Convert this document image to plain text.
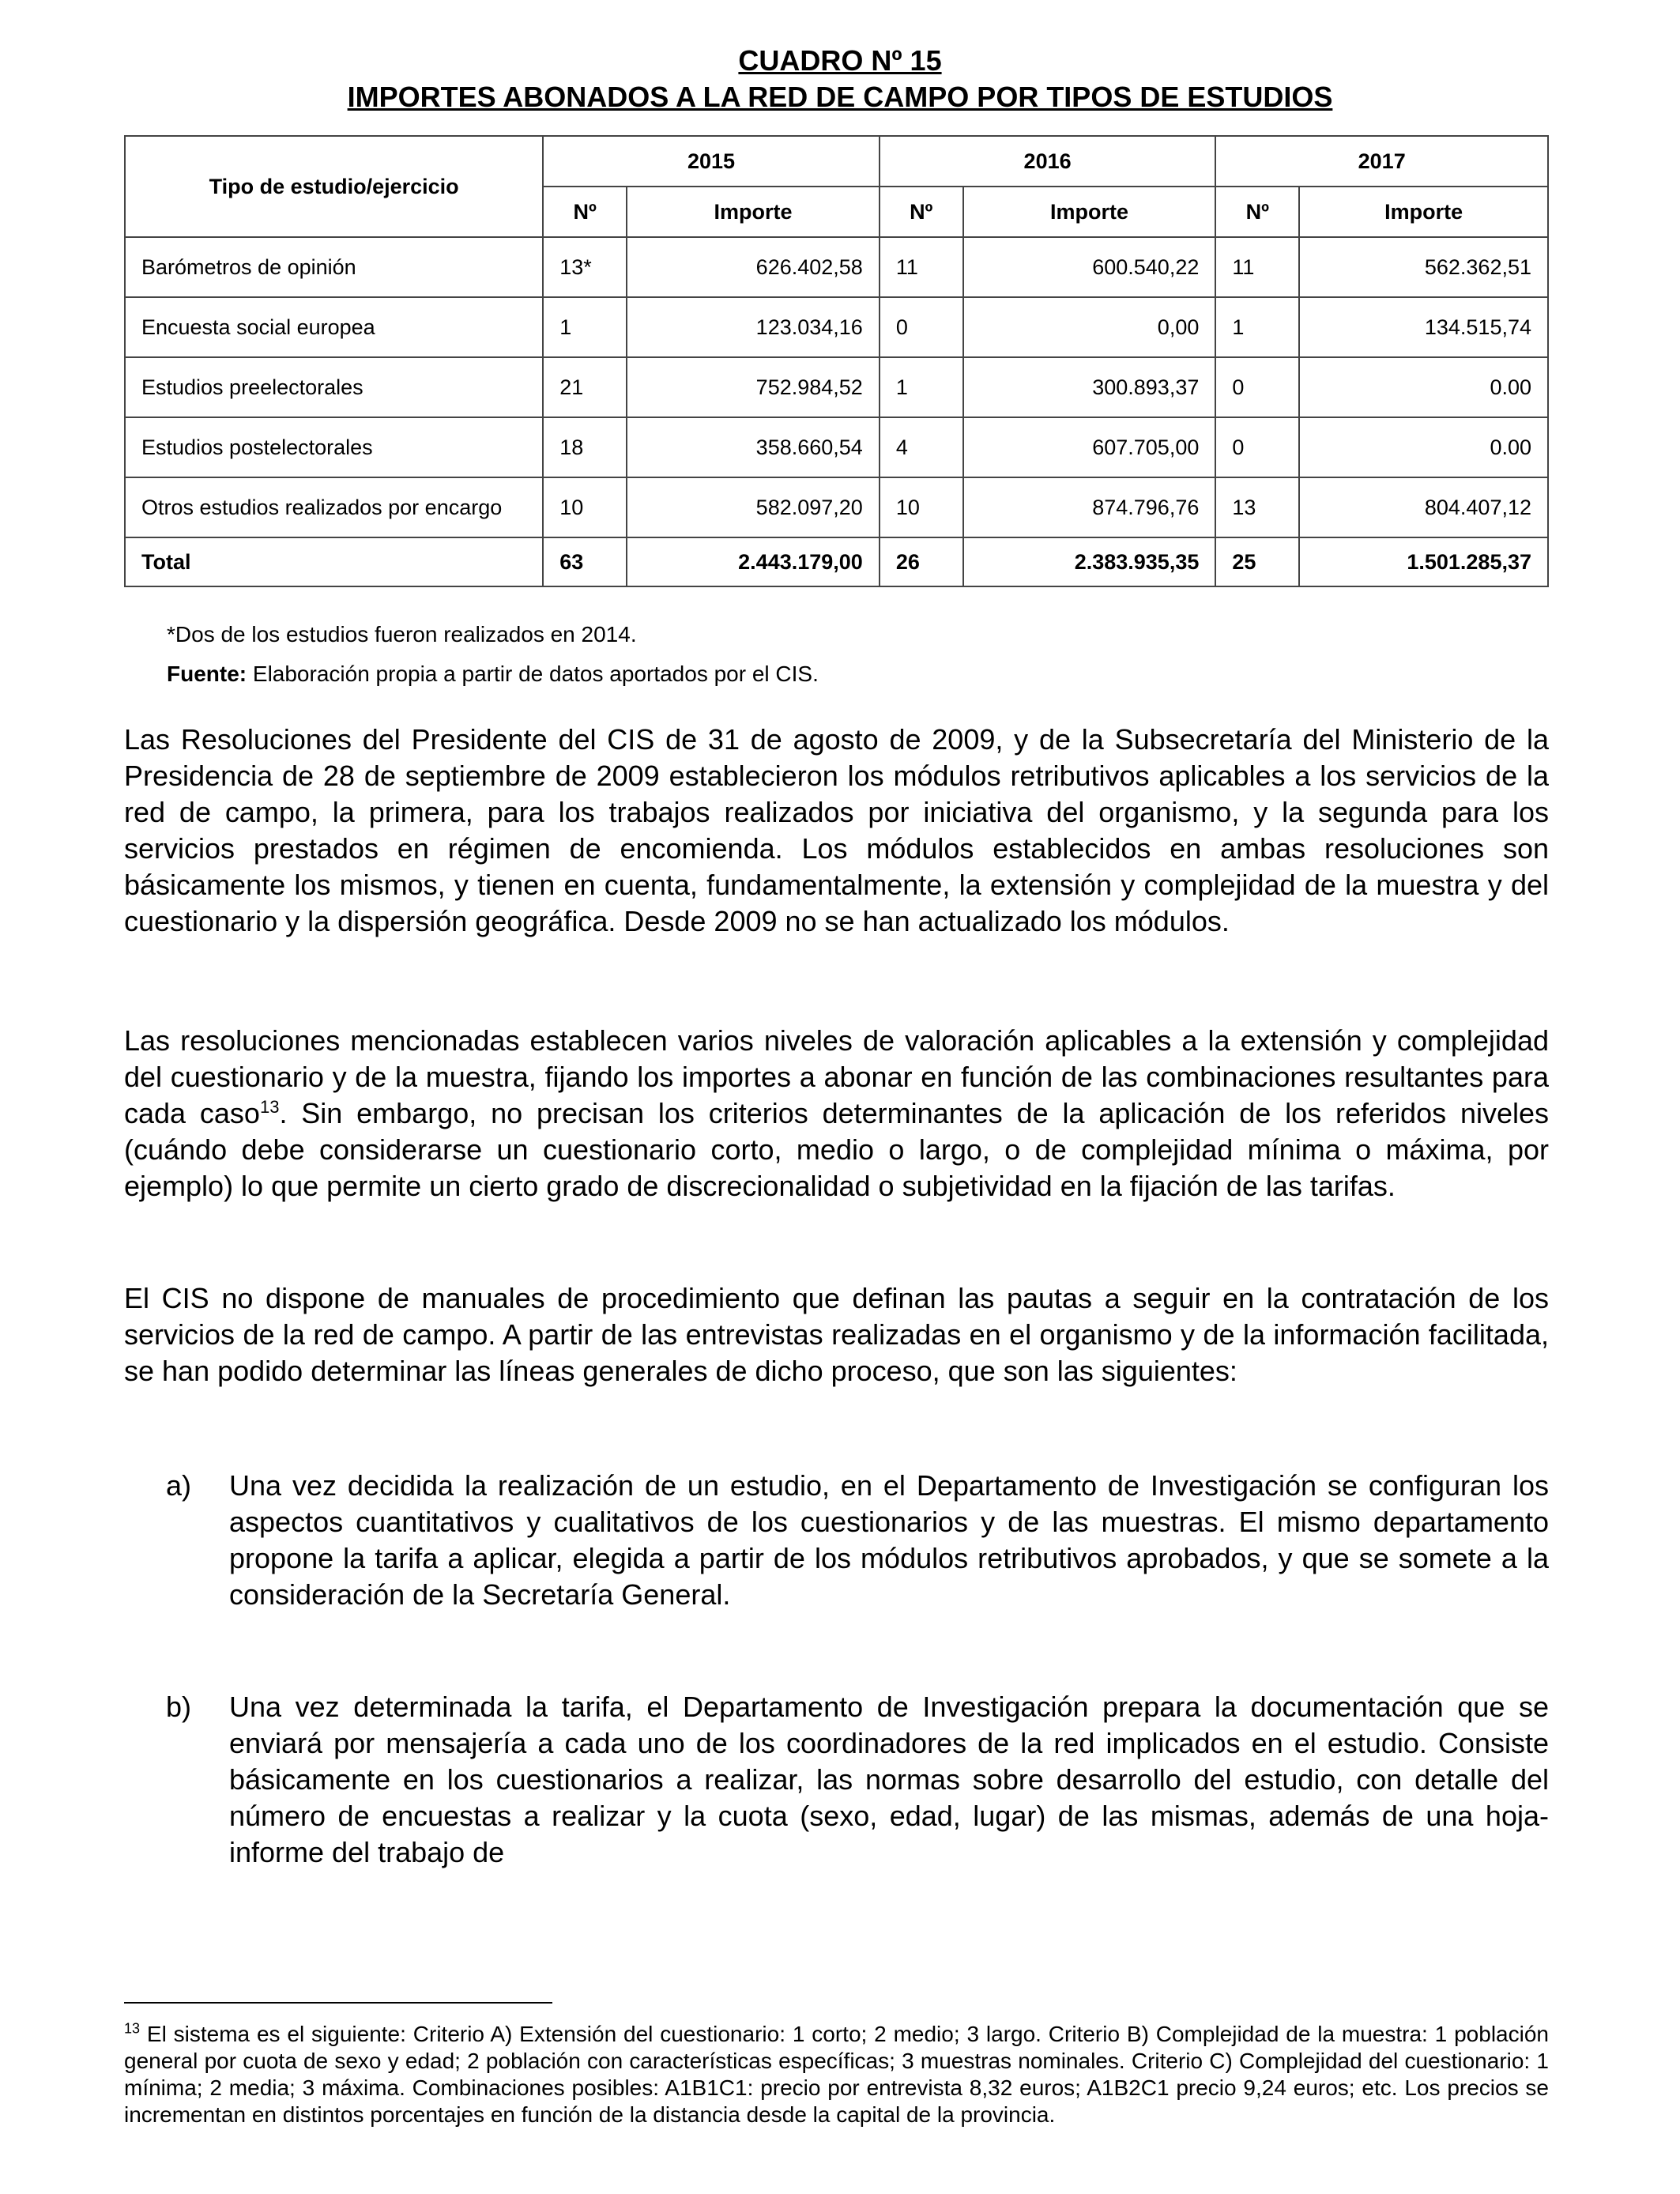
CUADRO Nº 15
IMPORTES ABONADOS A LA RED DE CAMPO POR TIPOS DE ESTUDIOS
Tipo de estudio/ejercicio	2015		2016		2017	
	Nº	Importe	Nº	Importe	Nº	Importe
Barómetros de opinión	13*	626.402,58	11	600.540,22	11	562.362,51
Encuesta social europea	1	123.034,16	0	0,00	1	134.515,74
Estudios preelectorales	21	752.984,52	1	300.893,37	0	0.00
Estudios postelectorales	18	358.660,54	4	607.705,00	0	0.00
Otros estudios realizados por encargo	10	582.097,20	10	874.796,76	13	804.407,12
Total	63	2.443.179,00	26	2.383.935,35	25	1.501.285,37
*Dos de los estudios fueron realizados en 2014.
Fuente: Elaboración propia a partir de datos aportados por el CIS.

Las Resoluciones del Presidente del CIS de 31 de agosto de 2009, y de la Subsecretaría del Ministerio de la Presidencia de 28 de septiembre de 2009 establecieron los módulos retributivos aplicables a los servicios de la red de campo, la primera, para los trabajos realizados por iniciativa del organismo, y la segunda para los servicios prestados en régimen de encomienda. Los módulos establecidos en ambas resoluciones son básicamente los mismos, y tienen en cuenta, fundamentalmente, la extensión y complejidad de la muestra y del cuestionario y la dispersión geográfica. Desde 2009 no se han actualizado los módulos.

Las resoluciones mencionadas establecen varios niveles de valoración aplicables a la extensión y complejidad del cuestionario y de la muestra, fijando los importes a abonar en función de las combinaciones resultantes para cada caso$^{13}$. Sin embargo, no precisan los criterios determinantes de la aplicación de los referidos niveles (cuándo debe considerarse un cuestionario corto, medio o largo, o de complejidad mínima o máxima, por ejemplo) lo que permite un cierto grado de discrecionalidad o subjetividad en la fijación de las tarifas.

El CIS no dispone de manuales de procedimiento que definan las pautas a seguir en la contratación de los servicios de la red de campo. A partir de las entrevistas realizadas en el organismo y de la información facilitada, se han podido determinar las líneas generales de dicho proceso, que son las siguientes:

a) Una vez decidida la realización de un estudio, en el Departamento de Investigación se configuran los aspectos cuantitativos y cualitativos de los cuestionarios y de las muestras. El mismo departamento propone la tarifa a aplicar, elegida a partir de los módulos retributivos aprobados, y que se somete a la consideración de la Secretaría General.
b) Una vez determinada la tarifa, el Departamento de Investigación prepara la documentación que se enviará por mensajería a cada uno de los coordinadores de la red implicados en el estudio. Consiste básicamente en los cuestionarios a realizar, las normas sobre desarrollo del estudio, con detalle del número de encuestas a realizar y la cuota (sexo, edad, lugar) de las mismas, además de una hoja-informe del trabajo de
$^{13}$ El sistema es el siguiente: Criterio A) Extensión del cuestionario: 1 corto; 2 medio; 3 largo. Criterio B) Complejidad de la muestra: 1 población general por cuota de sexo y edad; 2 población con características específicas; 3 muestras nominales. Criterio C) Complejidad del cuestionario: 1 mínima; 2 media; 3 máxima. Combinaciones posibles: A1B1C1: precio por entrevista 8,32 euros; A1B2C1 precio 9,24 euros; etc. Los precios se incrementan en distintos porcentajes en función de la distancia desde la capital de la provincia.
